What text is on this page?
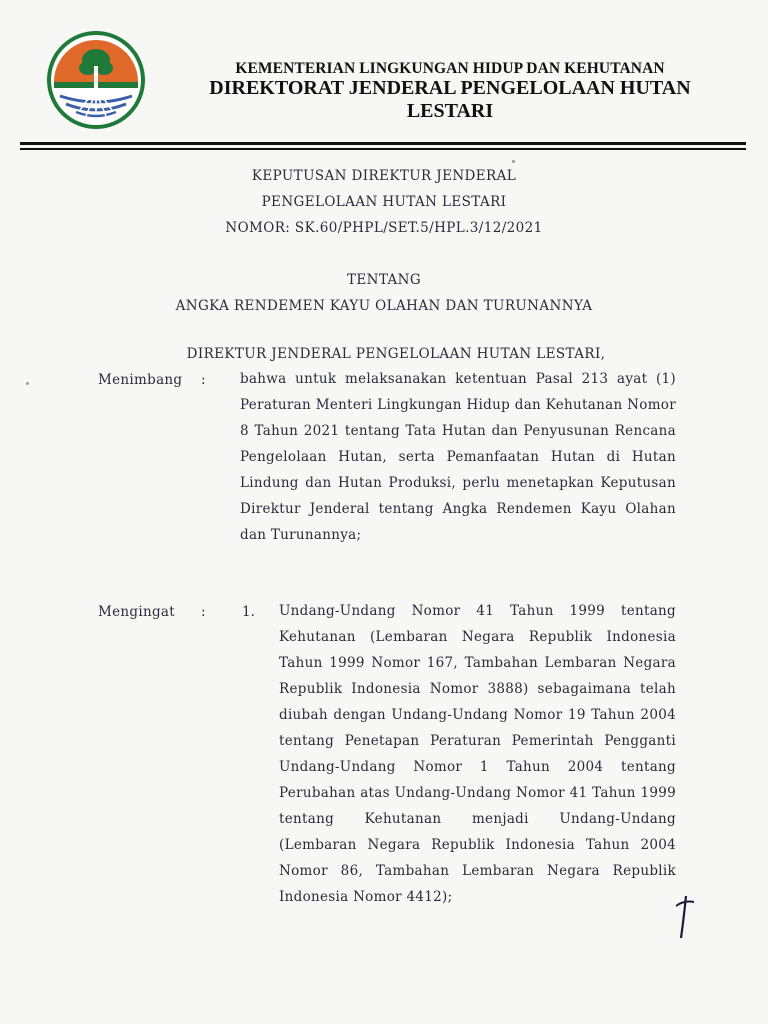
KEMENTERIAN LINGKUNGAN HIDUP DAN KEHUTANAN
DIREKTORAT JENDERAL PENGELOLAAN HUTAN LESTARI
KEPUTUSAN DIREKTUR JENDERAL
PENGELOLAAN HUTAN LESTARI
NOMOR: SK.60/PHPL/SET.5/HPL.3/12/2021
TENTANG
ANGKA RENDEMEN KAYU OLAHAN DAN TURUNANNYA
DIREKTUR JENDERAL PENGELOLAAN HUTAN LESTARI,
Menimbang :	bahwa untuk melaksanakan ketentuan Pasal 213 ayat (1) Peraturan Menteri Lingkungan Hidup dan Kehutanan Nomor 8 Tahun 2021 tentang Tata Hutan dan Penyusunan Rencana Pengelolaan Hutan, serta Pemanfaatan Hutan di Hutan Lindung dan Hutan Produksi, perlu menetapkan Keputusan Direktur Jenderal tentang Angka Rendemen Kayu Olahan dan Turunannya;
Mengingat :	1. Undang-Undang Nomor 41 Tahun 1999 tentang Kehutanan (Lembaran Negara Republik Indonesia Tahun 1999 Nomor 167, Tambahan Lembaran Negara Republik Indonesia Nomor 3888) sebagaimana telah diubah dengan Undang-Undang Nomor 19 Tahun 2004 tentang Penetapan Peraturan Pemerintah Pengganti Undang-Undang Nomor 1 Tahun 2004 tentang Perubahan atas Undang-Undang Nomor 41 Tahun 1999 tentang Kehutanan menjadi Undang-Undang (Lembaran Negara Republik Indonesia Tahun 2004 Nomor 86, Tambahan Lembaran Negara Republik Indonesia Nomor 4412);
